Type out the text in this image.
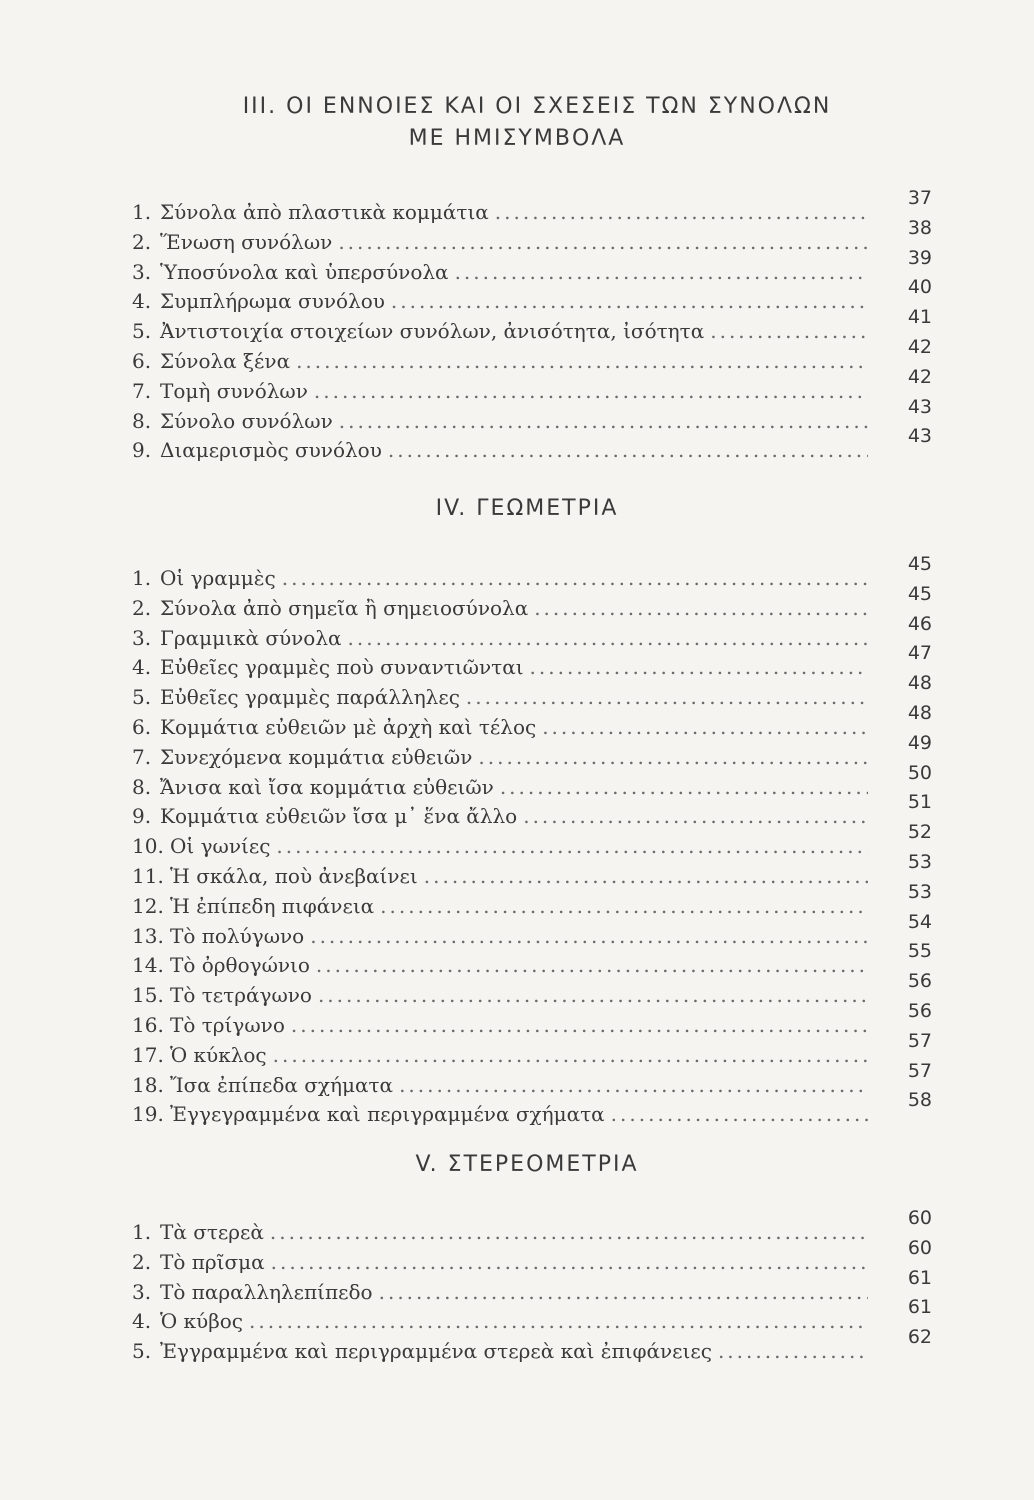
III. ΟΙ ΕΝΝΟΙΕΣ ΚΑΙ ΟΙ ΣΧΕΣΕΙΣ ΤΩΝ ΣΥΝΟΛΩΝ
ΜΕ ΗΜΙΣΥΜΒΟΛΑ
1. Σύνολα ἀπὸ πλαστικὰ κομμάτια
.....
37
2. Ἕνωση συνόλων
.....
38
3. Ὑποσύνολα καὶ ὑπερσύνολα
.....
39
4. Συμπλήρωμα συνόλου
.....
40
5. Ἀντιστοιχία στοιχείων συνόλων, ἀνισότητα, ἰσότητα
.....
41
6. Σύνολα ξένα
.....
42
7. Τομὴ συνόλων
.....
42
8. Σύνολο συνόλων
.....
43
9. Διαμερισμὸς συνόλου
.....
43
IV. ΓΕΩΜΕΤΡΙΑ
1. Οἱ γραμμὲς
.....
45
2. Σύνολα ἀπὸ σημεῖα ἢ σημειοσύνολα
.....
45
3. Γραμμικὰ σύνολα
.....
46
4. Εὐθεῖες γραμμὲς ποὺ συναντιῶνται
.....
47
5. Εὐθεῖες γραμμὲς παράλληλες
.....
48
6. Κομμάτια εὐθειῶν μὲ ἀρχὴ καὶ τέλος
.....
48
7. Συνεχόμενα κομμάτια εὐθειῶν
.....
49
8. Ἄνισα καὶ ἴσα κομμάτια εὐθειῶν
.....
50
9. Κομμάτια εὐθειῶν ἴσα μ᾽ ἕνα ἄλλο
.....
51
10. Οἱ γωνίες
.....
52
11. Ἡ σκάλα, ποὺ ἀνεβαίνει
.....
53
12. Ἡ ἐπίπεδη πιφάνεια
.....
53
13. Τὸ πολύγωνο
.....
54
14. Τὸ ὀρθογώνιο
.....
55
15. Τὸ τετράγωνο
.....
56
16. Τὸ τρίγωνο
.....
56
17. Ὁ κύκλος
.....
57
18. Ἴσα ἐπίπεδα σχήματα
.....
57
19. Ἐγγεγραμμένα καὶ περιγραμμένα σχήματα
.....
58
V. ΣΤΕΡΕΟΜΕΤΡΙΑ
1. Τὰ στερεὰ
.....
60
2. Τὸ πρῖσμα
.....
60
3. Τὸ παραλληλεπίπεδο
.....
61
4. Ὁ κύβος
.....
61
5. Ἐγγραμμένα καὶ περιγραμμένα στερεὰ καὶ ἐπιφάνειες
.....
62
